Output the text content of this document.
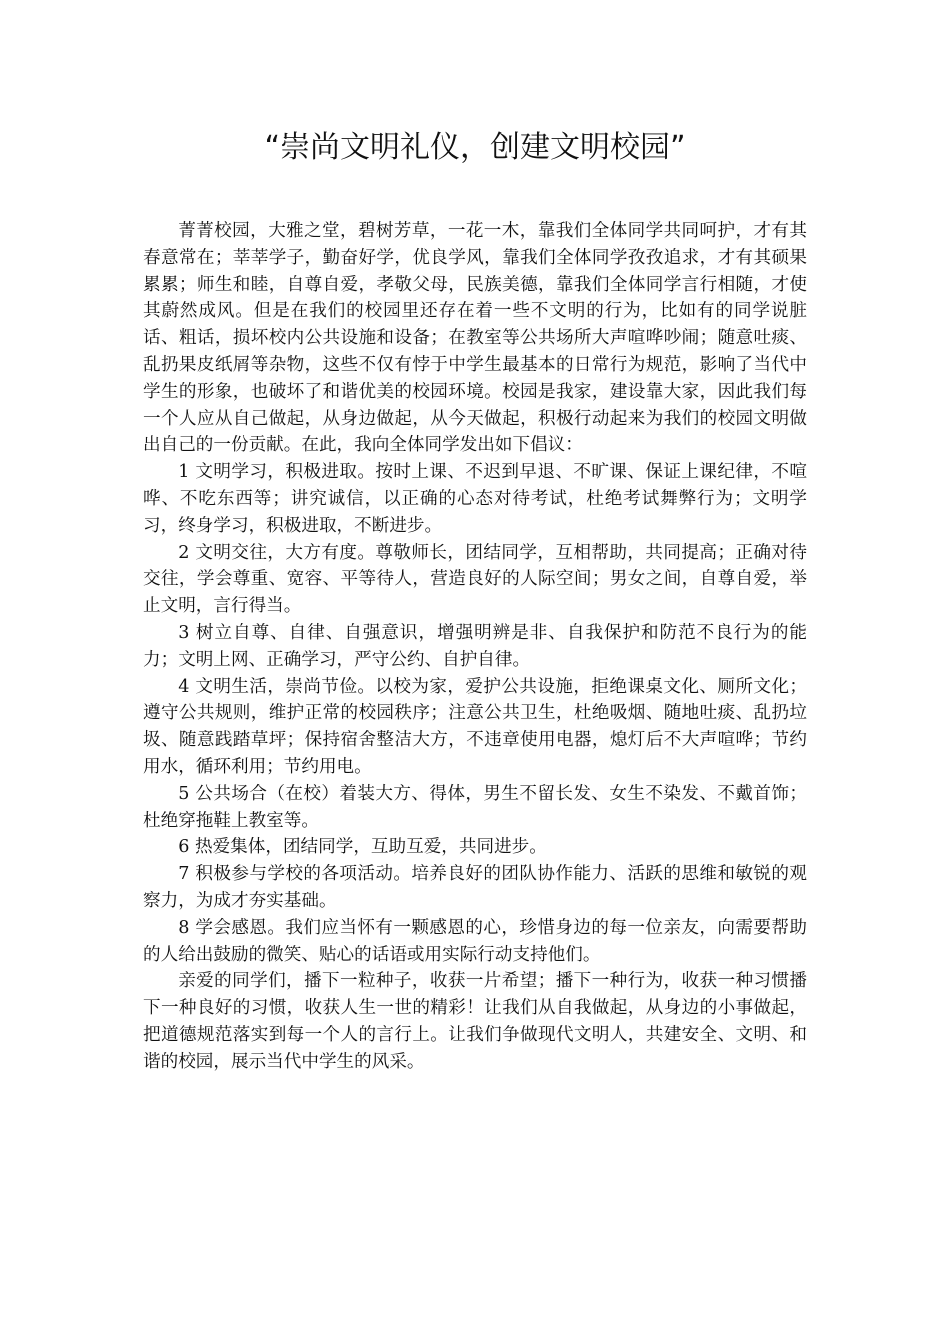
“崇尚文明礼仪，创建文明校园”

菁菁校园，大雅之堂，碧树芳草，一花一木，靠我们全体同学共同呵护，才有其春意常在；莘莘学子，勤奋好学，优良学风，靠我们全体同学孜孜追求，才有其硕果累累；师生和睦，自尊自爱，孝敬父母，民族美德，靠我们全体同学言行相随，才使其蔚然成风。但是在我们的校园里还存在着一些不文明的行为，比如有的同学说脏话、粗话，损坏校内公共设施和设备；在教室等公共场所大声喧哗吵闹；随意吐痰、乱扔果皮纸屑等杂物，这些不仅有悖于中学生最基本的日常行为规范，影响了当代中学生的形象，也破坏了和谐优美的校园环境。校园是我家，建设靠大家，因此我们每一个人应从自己做起，从身边做起，从今天做起，积极行动起来为我们的校园文明做出自己的一份贡献。在此，我向全体同学发出如下倡议：

1 文明学习，积极进取。按时上课、不迟到早退、不旷课、保证上课纪律，不喧哗、不吃东西等；讲究诚信，以正确的心态对待考试，杜绝考试舞弊行为；文明学习，终身学习，积极进取，不断进步。

2 文明交往，大方有度。尊敬师长，团结同学，互相帮助，共同提高；正确对待交往，学会尊重、宽容、平等待人，营造良好的人际空间；男女之间，自尊自爱，举止文明，言行得当。

3 树立自尊、自律、自强意识，增强明辨是非、自我保护和防范不良行为的能力；文明上网、正确学习，严守公约、自护自律。

4 文明生活，崇尚节俭。以校为家，爱护公共设施，拒绝课桌文化、厕所文化；遵守公共规则，维护正常的校园秩序；注意公共卫生，杜绝吸烟、随地吐痰、乱扔垃圾、随意践踏草坪；保持宿舍整洁大方，不违章使用电器，熄灯后不大声喧哗；节约用水，循环利用；节约用电。

5 公共场合（在校）着装大方、得体，男生不留长发、女生不染发、不戴首饰；杜绝穿拖鞋上教室等。

6 热爱集体，团结同学，互助互爱，共同进步。

7 积极参与学校的各项活动。培养良好的团队协作能力、活跃的思维和敏锐的观察力，为成才夯实基础。

8 学会感恩。我们应当怀有一颗感恩的心，珍惜身边的每一位亲友，向需要帮助的人给出鼓励的微笑、贴心的话语或用实际行动支持他们。

亲爱的同学们，播下一粒种子，收获一片希望；播下一种行为，收获一种习惯播下一种良好的习惯，收获人生一世的精彩！让我们从自我做起，从身边的小事做起，把道德规范落实到每一个人的言行上。让我们争做现代文明人，共建安全、文明、和谐的校园，展示当代中学生的风采。
